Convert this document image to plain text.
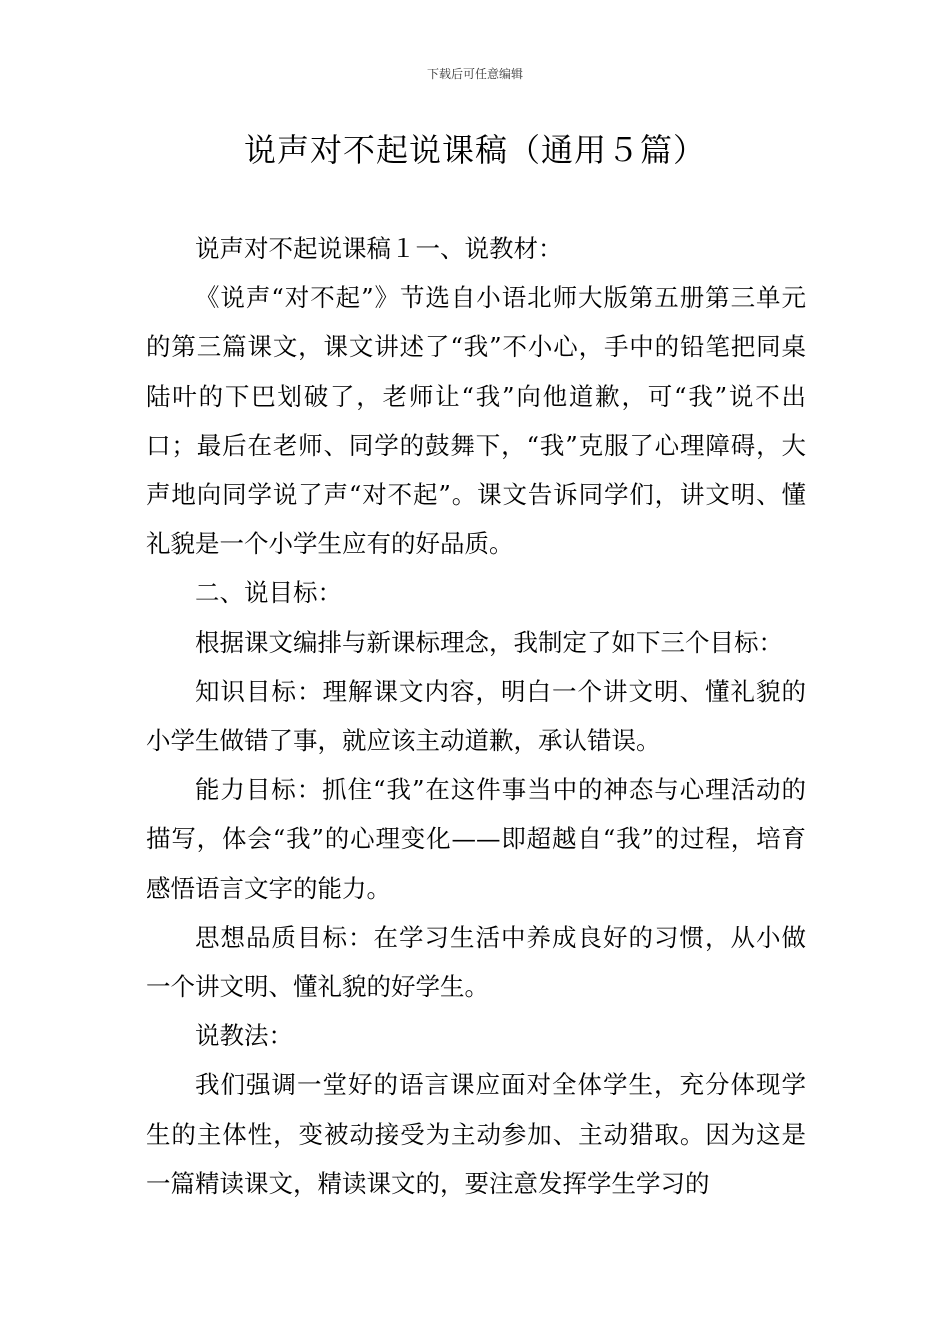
下载后可任意编辑
说声对不起说课稿（通用５篇）

说声对不起说课稿１一、说教材：

《说声“对不起”》节选自小语北师大版第五册第三单元的第三篇课文，课文讲述了“我”不小心，手中的铅笔把同桌陆叶的下巴划破了，老师让“我”向他道歉，可“我”说不出口；最后在老师、同学的鼓舞下，“我”克服了心理障碍，大声地向同学说了声“对不起”。课文告诉同学们，讲文明、懂礼貌是一个小学生应有的好品质。

二、说目标：

根据课文编排与新课标理念，我制定了如下三个目标：

知识目标：理解课文内容，明白一个讲文明、懂礼貌的小学生做错了事，就应该主动道歉，承认错误。

能力目标：抓住“我”在这件事当中的神态与心理活动的描写，体会“我”的心理变化——即超越自“我”的过程，培育感悟语言文字的能力。

思想品质目标：在学习生活中养成良好的习惯，从小做一个讲文明、懂礼貌的好学生。

说教法：

我们强调一堂好的语言课应面对全体学生，充分体现学生的主体性，变被动接受为主动参加、主动猎取。因为这是一篇精读课文，精读课文的，要注意发挥学生学习的
